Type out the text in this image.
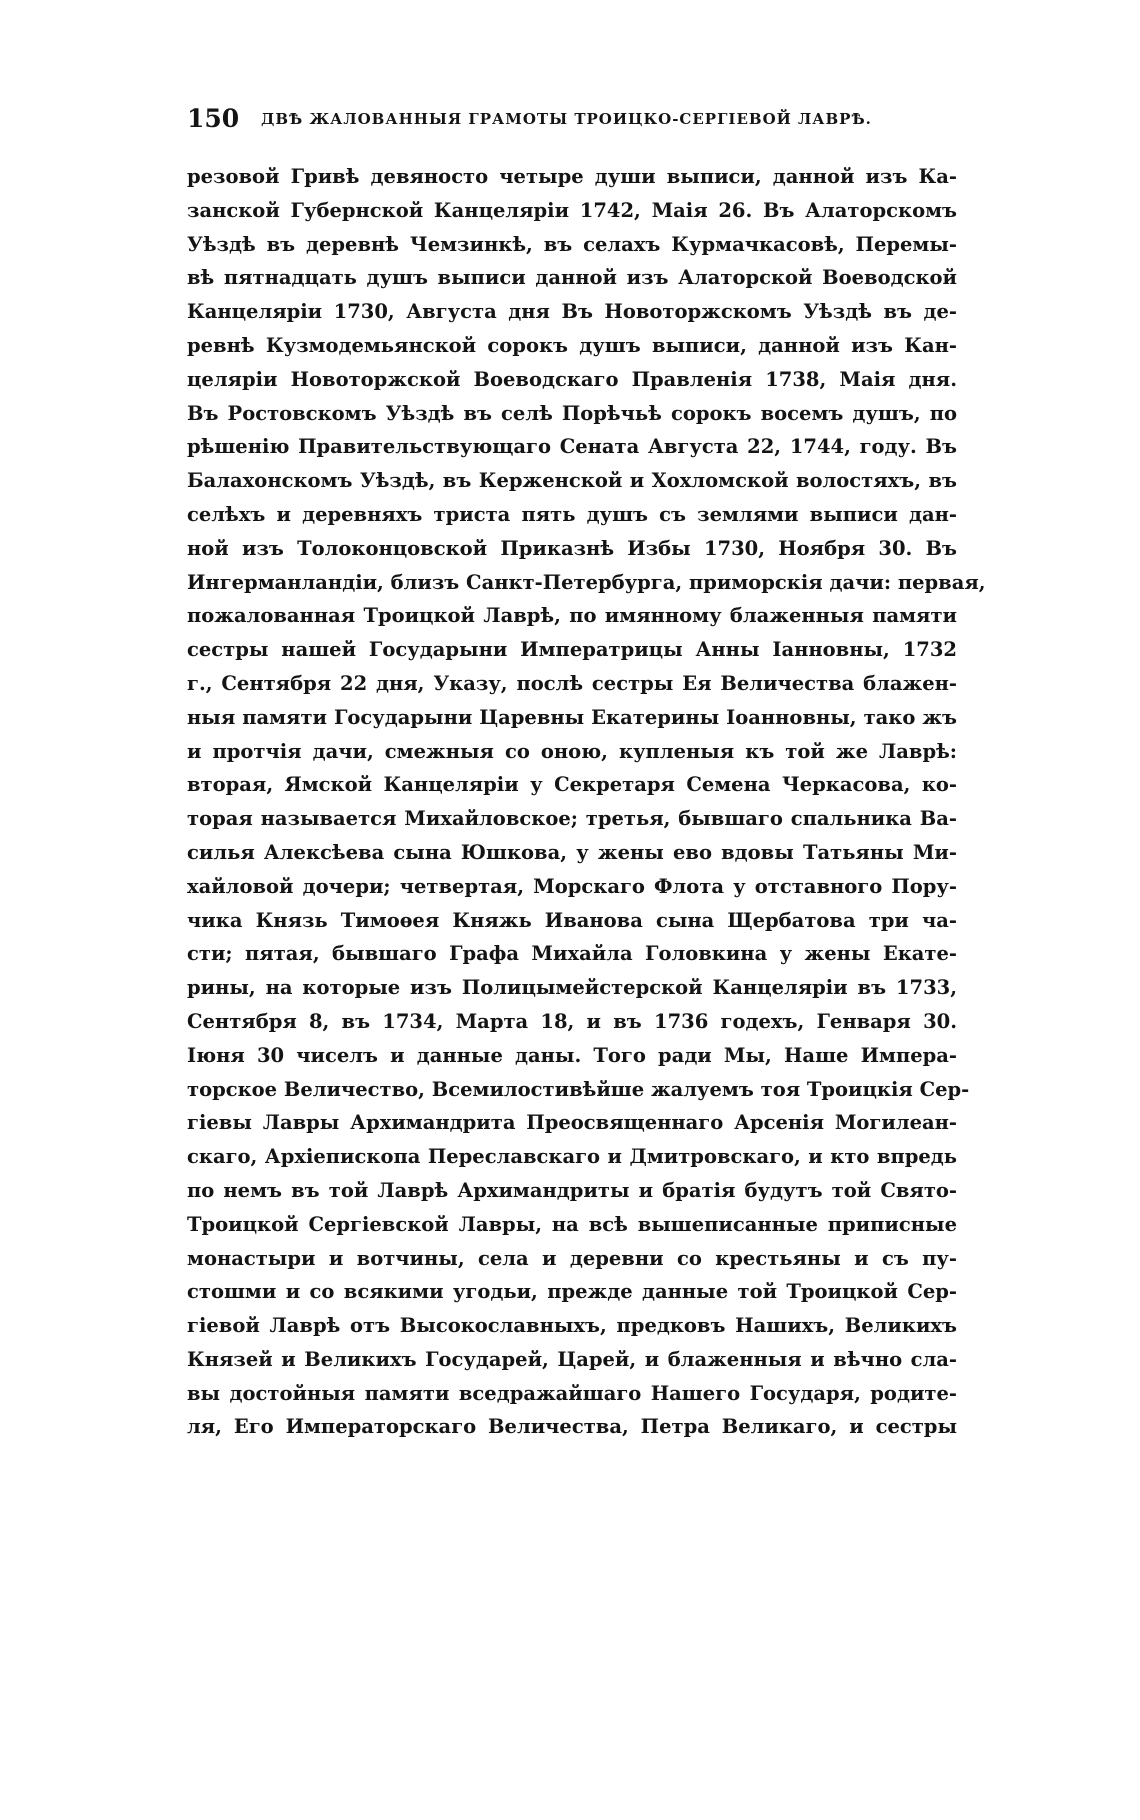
150 ДВѢ ЖАЛОВАННЫЯ ГРАМОТЫ ТРОИЦКО-СЕРГІЕВОЙ ЛАВРѢ.
резовой Гривѣ девяносто четыре души выписи, данной изъ Ка-
занской Губернской Канцеляріи 1742, Маія 26. Въ Алаторскомъ
Уѣздѣ въ деревнѣ Чемзинкѣ, въ селахъ Курмачкасовѣ, Перемы-
вѣ пятнадцать душъ выписи данной изъ Алаторской Воеводской
Канцеляріи 1730, Августа дня Въ Новоторжскомъ Уѣздѣ въ де-
ревнѣ Кузмодемьянской сорокъ душъ выписи, данной изъ Кан-
целяріи Новоторжской Воеводскаго Правленія 1738, Маія дня.
Въ Ростовскомъ Уѣздѣ въ селѣ Порѣчьѣ сорокъ восемъ душъ, по
рѣшенію Правительствующаго Сената Августа 22, 1744, году. Въ
Балахонскомъ Уѣздѣ, въ Керженской и Хохломской волостяхъ, въ
селѣхъ и деревняхъ триста пять душъ съ землями выписи дан-
ной изъ Толоконцовской Приказнѣ Избы 1730, Ноября 30. Въ
Ингерманландіи, близъ Санкт-Петербурга, приморскія дачи: первая,
пожалованная Троицкой Лаврѣ, по имянному блаженныя памяти
сестры нашей Государыни Императрицы Анны Іанновны, 1732
г., Сентября 22 дня, Указу, послѣ сестры Ея Величества блажен-
ныя памяти Государыни Царевны Екатерины Іоанновны, тако жъ
и протчія дачи, смежныя со оною, купленыя къ той же Лаврѣ:
вторая, Ямской Канцеляріи у Секретаря Семена Черкасова, ко-
торая называется Михайловское; третья, бывшаго спальника Ва-
силья Алексѣева сына Юшкова, у жены ево вдовы Татьяны Ми-
хайловой дочери; четвертая, Морскаго Флота у отставного Пору-
чика Князь Тимоѳея Княжь Иванова сына Щербатова три ча-
сти; пятая, бывшаго Графа Михайла Головкина у жены Екате-
рины, на которые изъ Полицымейстерской Канцеляріи въ 1733,
Сентября 8, въ 1734, Марта 18, и въ 1736 годехъ, Генваря 30.
Іюня 30 чиселъ и данные даны. Того ради Мы, Наше Импера-
торское Величество, Всемилостивѣйше жалуемъ тоя Троицкія Сер-
гіевы Лавры Архимандрита Преосвященнаго Арсенія Могилеан-
скаго, Архіепископа Переславскаго и Дмитровскаго, и кто впредь
по немъ въ той Лаврѣ Архимандриты и братія будутъ той Свято-
Троицкой Сергіевской Лавры, на всѣ вышеписанные приписные
монастыри и вотчины, села и деревни со крестьяны и съ пу-
стошми и со всякими угодьи, прежде данные той Троицкой Сер-
гіевой Лаврѣ отъ Высокославныхъ, предковъ Нашихъ, Великихъ
Князей и Великихъ Государей, Царей, и блаженныя и вѣчно сла-
вы достойныя памяти вседражайшаго Нашего Государя, родите-
ля, Его Императорскаго Величества, Петра Великаго, и сестры
